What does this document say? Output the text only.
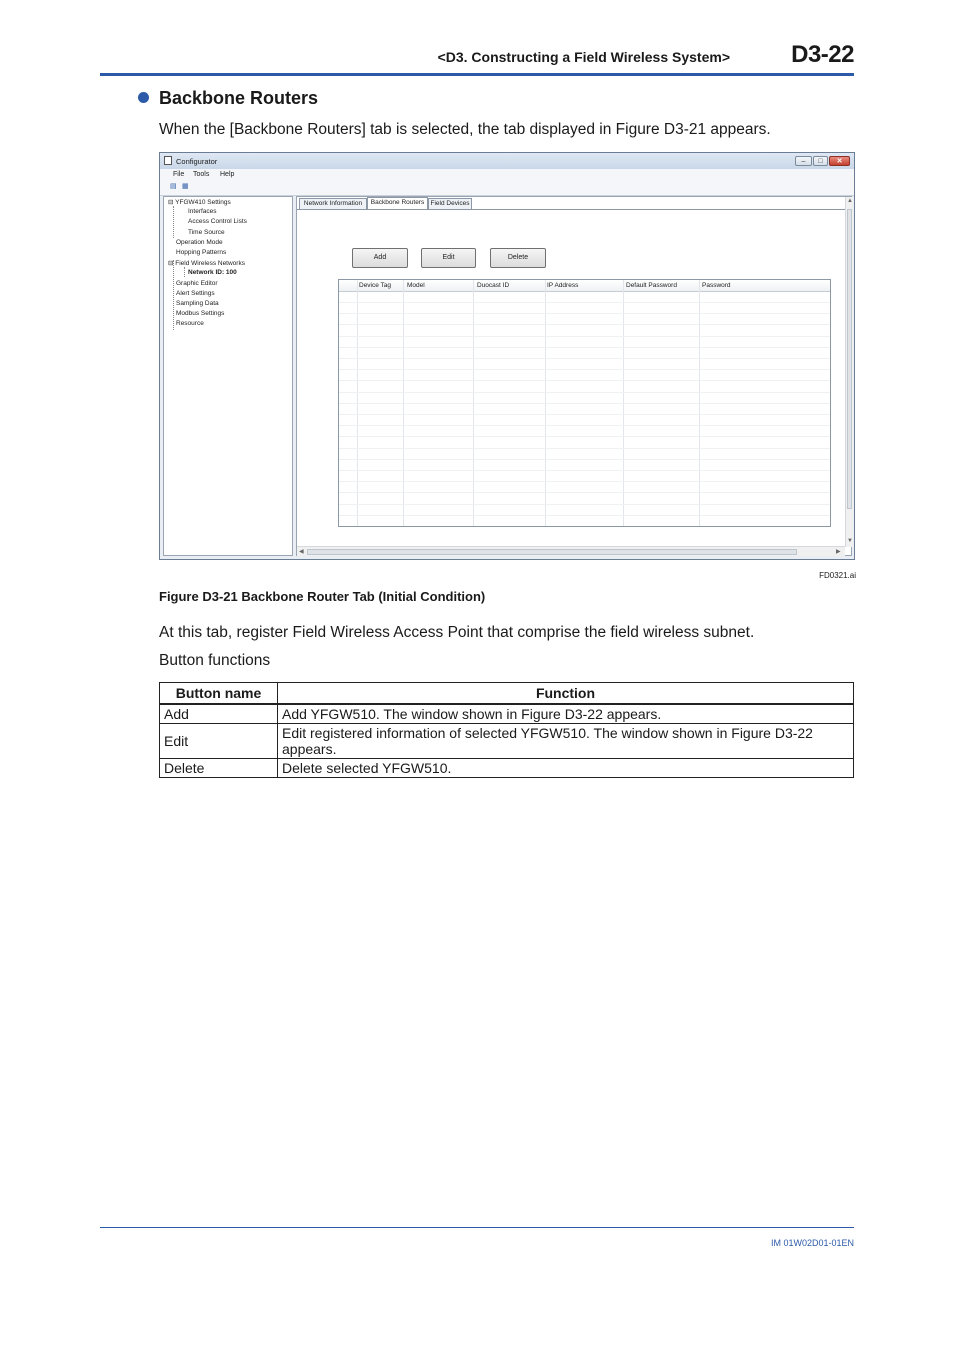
<D3. Constructing a Field Wireless System>	D3-22
Backbone Routers
When the [Backbone Routers] tab is selected, the tab displayed in Figure D3-21 appears.
Configurator	–	□	✕
File Tools Help
▤ ▦
⊟ YFGW410 Settings
Interfaces
Access Control Lists
Time Source
Operation Mode
Hopping Patterns
⊟ Field Wireless Networks
Network ID: 100
Graphic Editor
Alert Settings
Sampling Data
Modbus Settings
Resource
Network Information	Backbone Routers Field Devices
Add	Edit	Delete
Device Tag Model	Duocast ID	IP Address	Default Password	Password
▲
▼
◀	▶
FD0321.ai
Figure D3-21 Backbone Router Tab (Initial Condition)
At this tab, register Field Wireless Access Point that comprise the field wireless subnet.
Button functions
Button name	Function
Add	Add YFGW510. The window shown in Figure D3-22 appears.
Edit	Edit registered information of selected YFGW510. The window shown in Figure D3-22 appears.
Delete	Delete selected YFGW510.
IM 01W02D01-01EN
